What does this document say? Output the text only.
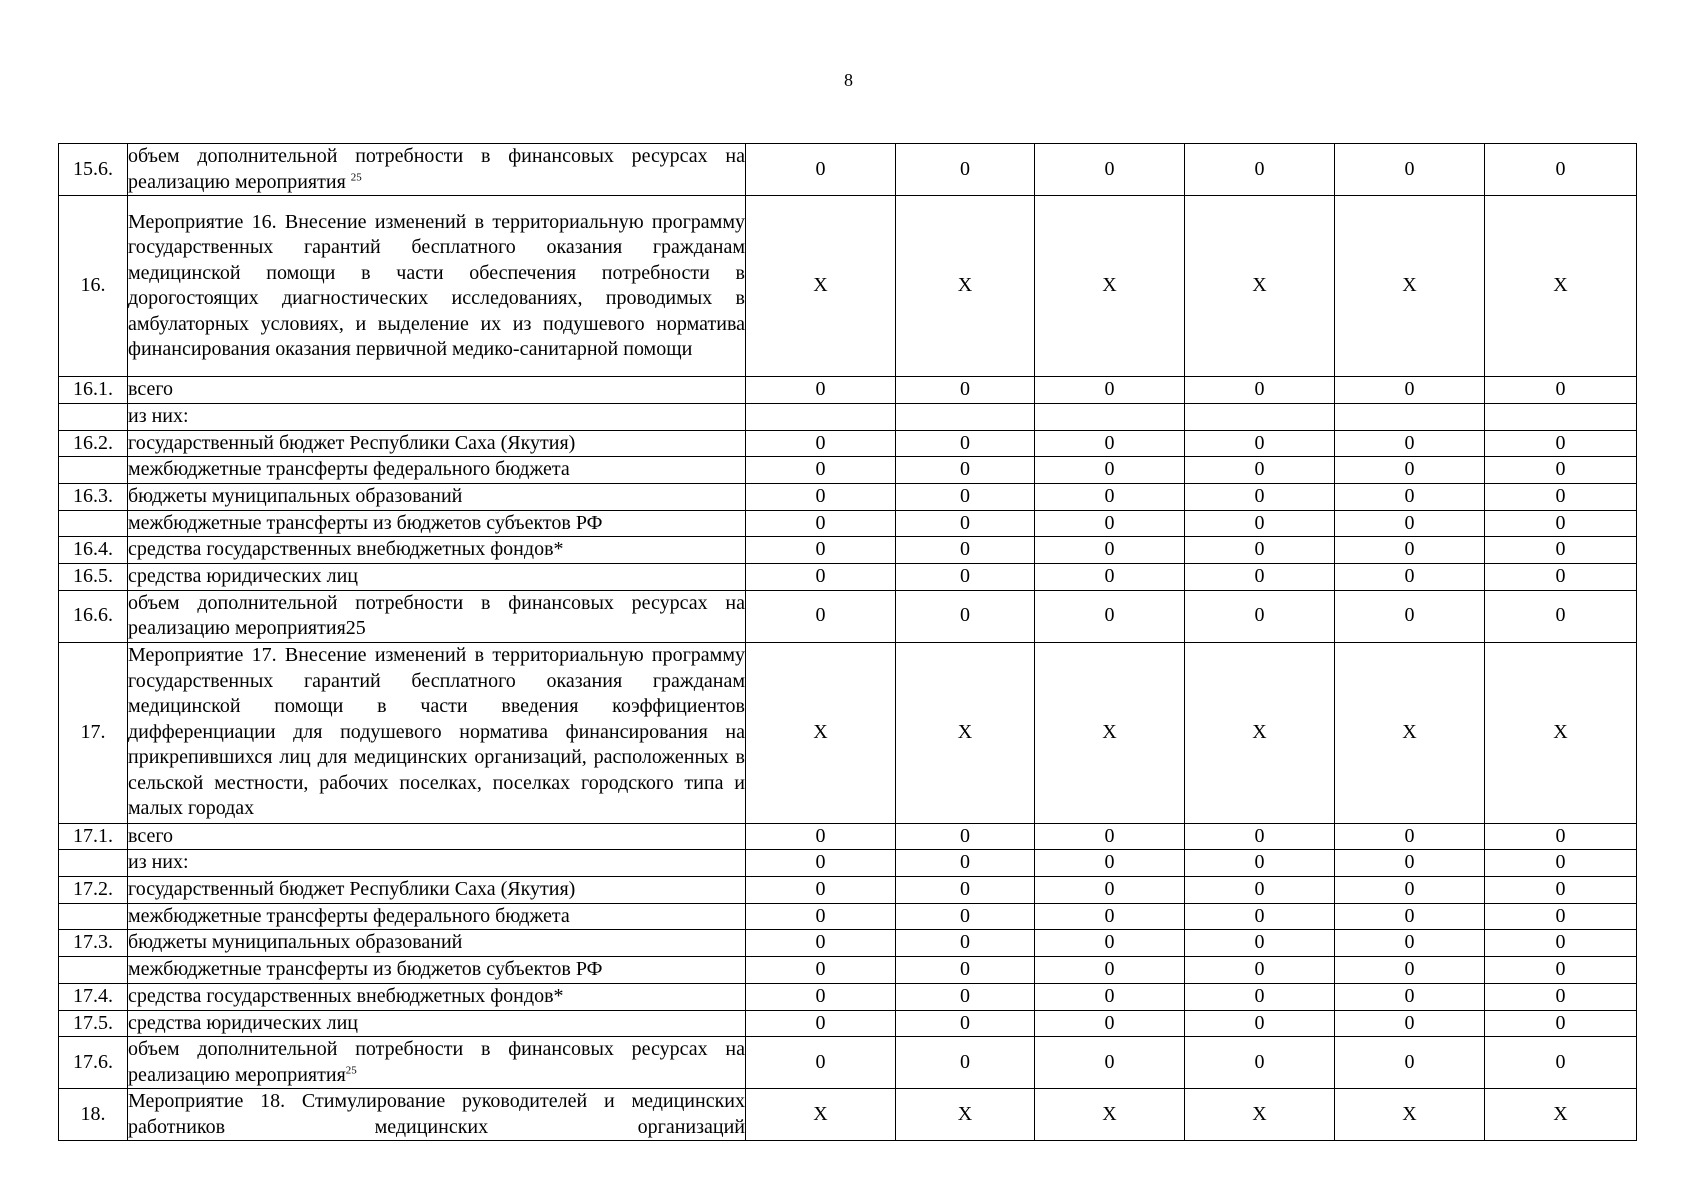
8
15.6.	объем дополнительной потребности в финансовых ресурсах на реализацию мероприятия $^{25}$	0	0	0	0	0	0
16.	Мероприятие 16. Внесение изменений в территориальную программу государственных гарантий бесплатного оказания гражданам медицинской помощи в части обеспечения потребности в дорогостоящих диагностических исследованиях, проводимых в амбулаторных условиях, и выделение их из подушевого норматива финансирования оказания первичной медико-санитарной помощи	X	X	X	X	X	X
16.1.	всего	0	0	0	0	0	0
	из них:						
16.2.	государственный бюджет Республики Саха (Якутия)	0	0	0	0	0	0
	межбюджетные трансферты федерального бюджета	0	0	0	0	0	0
16.3.	бюджеты муниципальных образований	0	0	0	0	0	0
	межбюджетные трансферты из бюджетов субъектов РФ	0	0	0	0	0	0
16.4.	средства государственных внебюджетных фондов*	0	0	0	0	0	0
16.5.	средства юридических лиц	0	0	0	0	0	0
16.6.	объем дополнительной потребности в финансовых ресурсах на реализацию мероприятия25	0	0	0	0	0	0
17.	Мероприятие 17. Внесение изменений в территориальную программу государственных гарантий бесплатного оказания гражданам медицинской помощи в части введения коэффициентов дифференциации для подушевого норматива финансирования на прикрепившихся лиц для медицинских организаций, расположенных в сельской местности, рабочих поселках, поселках городского типа и малых городах	X	X	X	X	X	X
17.1.	всего	0	0	0	0	0	0
	из них:	0	0	0	0	0	0
17.2.	государственный бюджет Республики Саха (Якутия)	0	0	0	0	0	0
	межбюджетные трансферты федерального бюджета	0	0	0	0	0	0
17.3.	бюджеты муниципальных образований	0	0	0	0	0	0
	межбюджетные трансферты из бюджетов субъектов РФ	0	0	0	0	0	0
17.4.	средства государственных внебюджетных фондов*	0	0	0	0	0	0
17.5.	средства юридических лиц	0	0	0	0	0	0
17.6.	объем дополнительной потребности в финансовых ресурсах на реализацию мероприятия$^{25}$	0	0	0	0	0	0
18.	Мероприятие 18. Стимулирование руководителей и медицинских работников медицинских организаций	X	X	X	X	X	X
